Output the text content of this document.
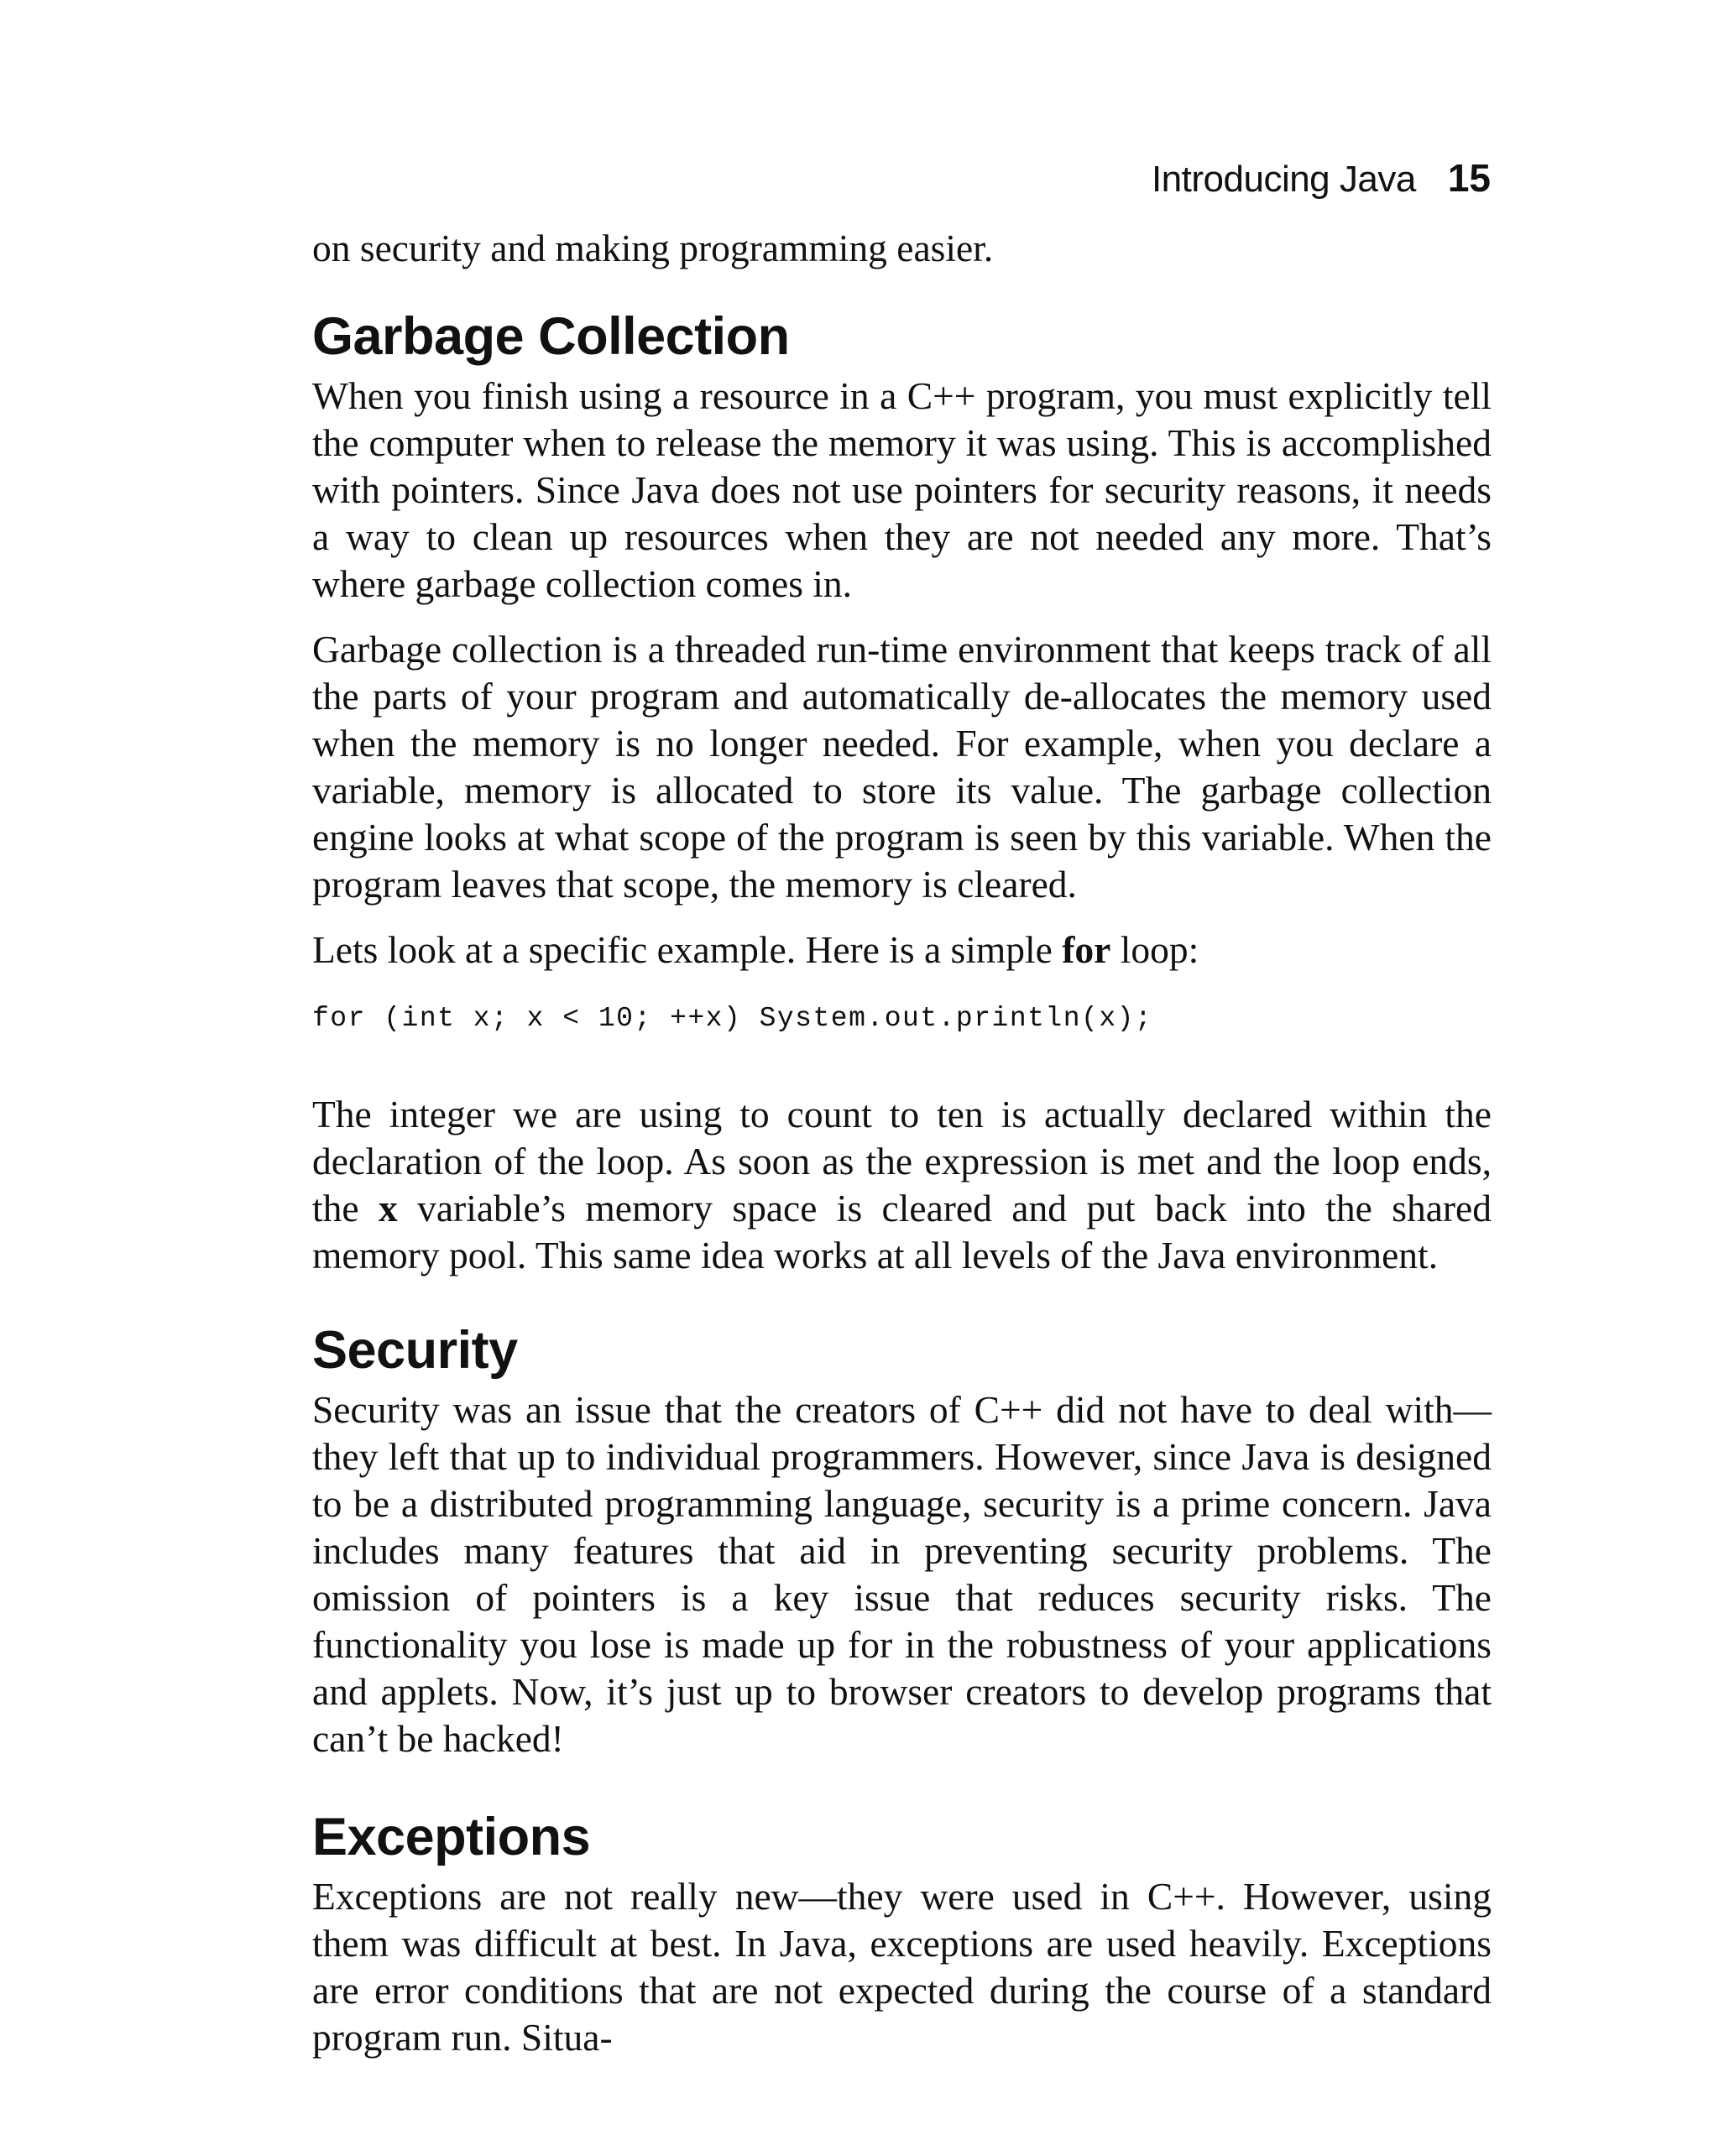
Introducing Java 15

on security and making programming easier.

Garbage Collection

When you finish using a resource in a C++ program, you must explicitly tell the computer when to release the memory it was using. This is accomplished with pointers. Since Java does not use pointers for security reasons, it needs a way to clean up resources when they are not needed any more. That’s where garbage collection comes in.

Garbage collection is a threaded run-time environment that keeps track of all the parts of your program and automatically de-allocates the memory used when the memory is no longer needed. For example, when you declare a variable, memory is allocated to store its value. The garbage collection engine looks at what scope of the program is seen by this variable. When the program leaves that scope, the memory is cleared.

Lets look at a specific example. Here is a simple for loop:

for (int x; x < 10; ++x) System.out.println(x);

The integer we are using to count to ten is actually declared within the declaration of the loop. As soon as the expression is met and the loop ends, the x variable’s memory space is cleared and put back into the shared memory pool. This same idea works at all levels of the Java environment.

Security

Security was an issue that the creators of C++ did not have to deal with—they left that up to individual programmers. However, since Java is designed to be a distributed programming language, security is a prime concern. Java includes many features that aid in preventing security problems. The omission of pointers is a key issue that reduces security risks. The functionality you lose is made up for in the robustness of your applications and applets. Now, it’s just up to browser creators to develop programs that can’t be hacked!

Exceptions

Exceptions are not really new—they were used in C++. However, using them was difficult at best. In Java, exceptions are used heavily. Exceptions are error conditions that are not expected during the course of a standard program run. Situa-
